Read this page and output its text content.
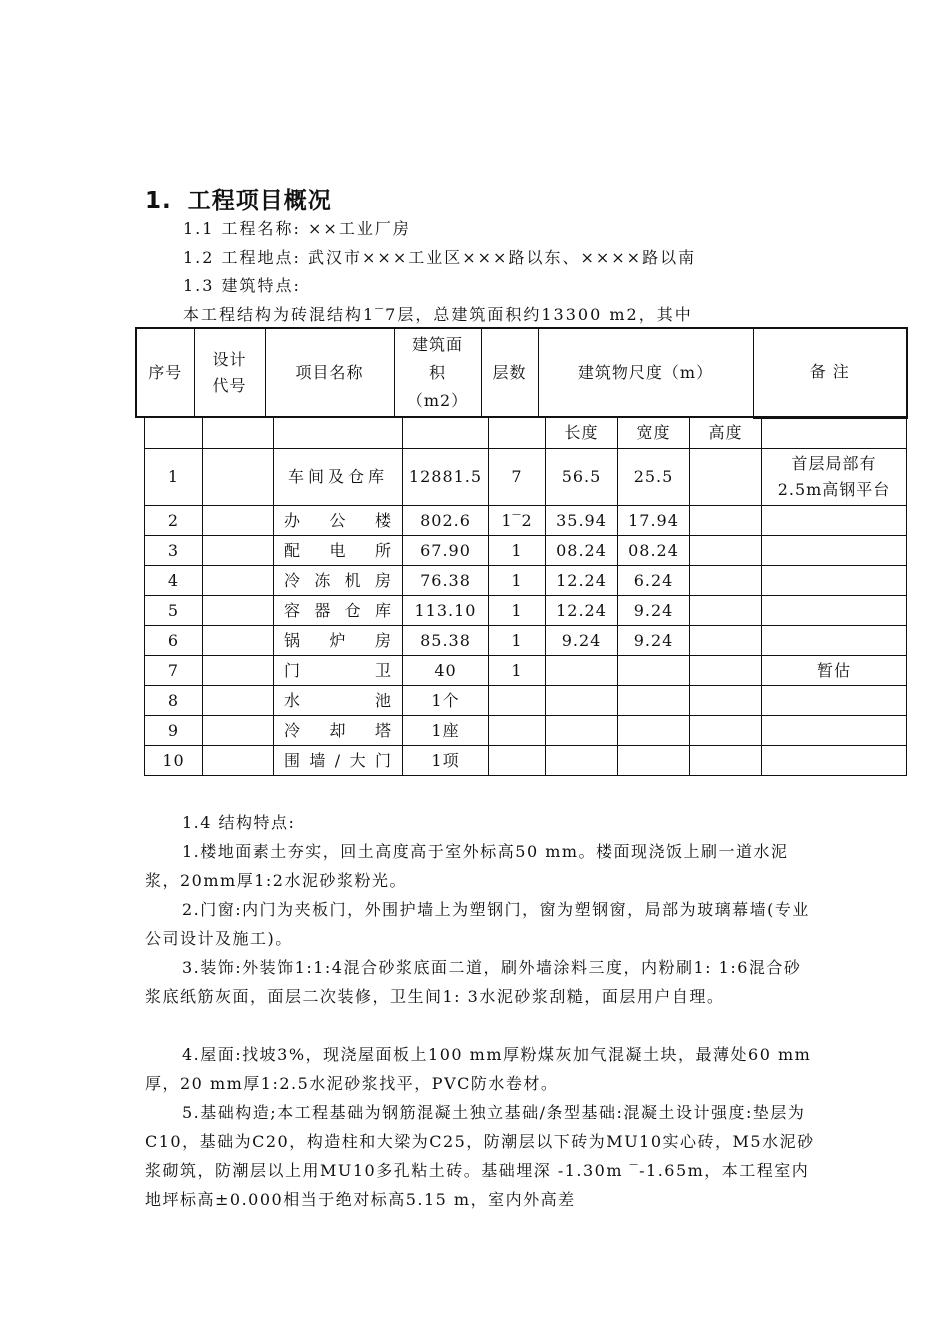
1. 工程项目概况
1.1 工程名称: ××工业厂房
1.2 工程地点: 武汉市×××工业区×××路以东、××××路以南
1.3 建筑特点:
本工程结构为砖混结构1‾7层，总建筑面积约13300 m2，其中
序号	设计
代号	项目名称	建筑面
积
（m2）	层数	建筑物尺度（m）	备 注
					长度	宽度	高度	
1		车间及仓库	12881.5	7	56.5	25.5		首层局部有
2.5m高钢平台
2		办公楼	802.6	1‾2	35.94	17.94		
3		配电所	67.90	1	08.24	08.24		
4		冷冻机房	76.38	1	12.24	6.24		
5		容器仓库	113.10	1	12.24	9.24		
6		锅炉房	85.38	1	9.24	9.24		
7		门卫	40	1				暂估
8		水池	1个					
9		冷却塔	1座					
10		围墙/大门	1项					
1.4 结构特点:
1.楼地面素土夯实，回土高度高于室外标高50 mm。楼面现浇饭上刷一道水泥浆，20mm厚1:2水泥砂浆粉光。
2.门窗:内门为夹板门，外围护墙上为塑钢门，窗为塑钢窗，局部为玻璃幕墙(专业公司设计及施工)。
3.装饰:外装饰1:1:4混合砂浆底面二道，刷外墙涂料三度，内粉刷1: 1:6混合砂浆底纸筋灰面，面层二次装修，卫生间1: 3水泥砂浆刮糙，面层用户自理。
4.屋面:找坡3%，现浇屋面板上100 mm厚粉煤灰加气混凝土块，最薄处60 mm厚，20 mm厚1:2.5水泥砂浆找平，PVC防水卷材。
5.基础构造;本工程基础为钢筋混凝土独立基础/条型基础:混凝土设计强度:垫层为C10，基础为C20，构造柱和大梁为C25，防潮层以下砖为MU10实心砖，M5水泥砂浆砌筑，防潮层以上用MU10多孔粘土砖。基础埋深 -1.30m ‾-1.65m，本工程室内地坪标高±0.000相当于绝对标高5.15 m，室内外高差
